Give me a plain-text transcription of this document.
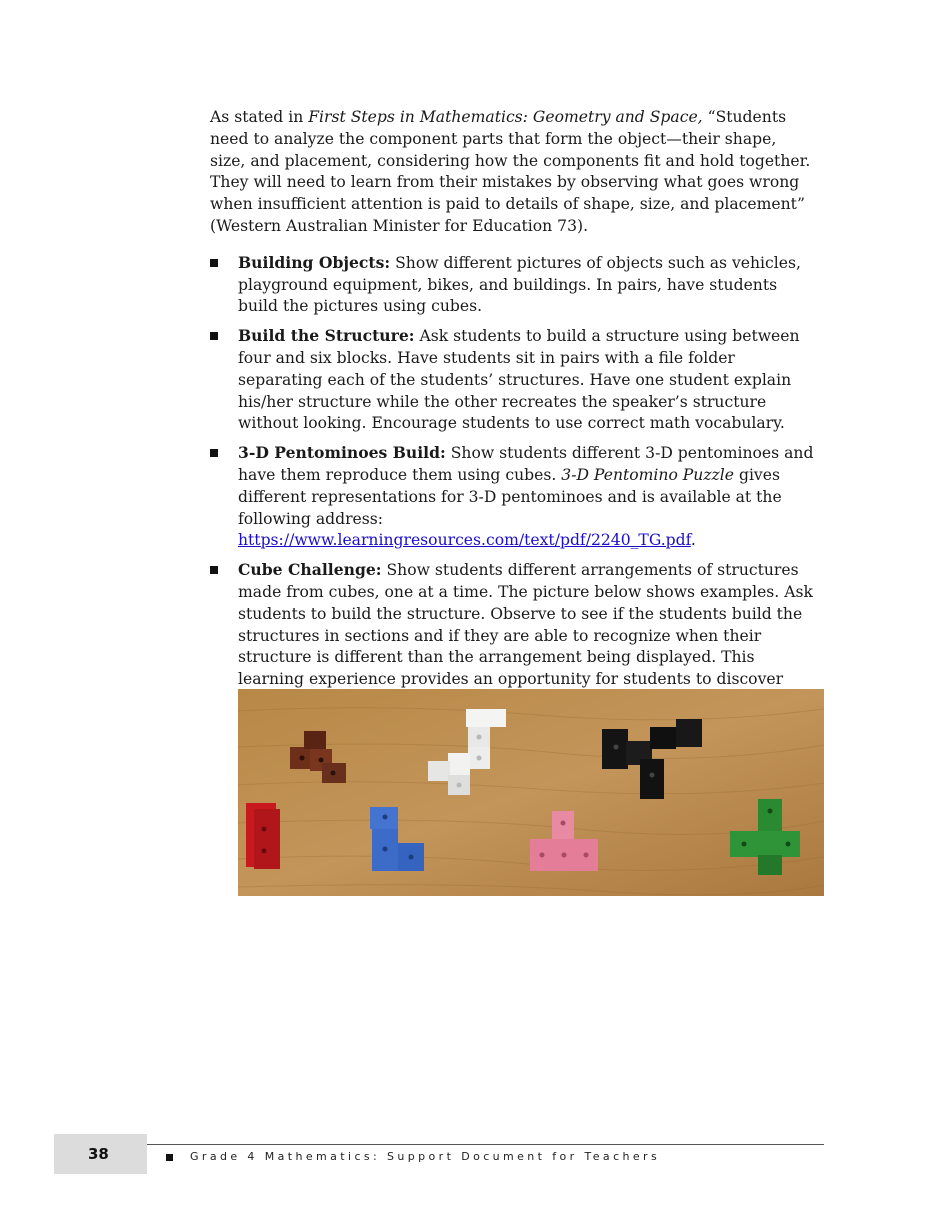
As stated in First Steps in Mathematics: Geometry and Space, “Students need to analyze the component parts that form the object—their shape, size, and placement, considering how the components fit and hold together. They will need to learn from their mistakes by observing what goes wrong when insufficient attention is paid to details of shape, size, and placement” (Western Australian Minister for Education 73).

Building Objects: Show different pictures of objects such as vehicles, playground equipment, bikes, and buildings. In pairs, have students build the pictures using cubes.
Build the Structure: Ask students to build a structure using between four and six blocks. Have students sit in pairs with a file folder separating each of the students’ structures. Have one student explain his/her structure while the other recreates the speaker’s structure without looking. Encourage students to use correct math vocabulary.
3-D Pentominoes Build: Show students different 3-D pentominoes and have them reproduce them using cubes. 3-D Pentomino Puzzle gives different representations for 3-D pentominoes and is available at the following address: https://www.learningresources.com/text/pdf/2240_TG.pdf.
Cube Challenge: Show students different arrangements of structures made from cubes, one at a time. The picture below shows examples. Ask students to build the structure. Observe to see if the students build the structures in sections and if they are able to recognize when their structure is different than the arrangement being displayed. This learning experience provides an opportunity for students to discover
38	Grade 4 Mathematics: Support Document for Teachers
